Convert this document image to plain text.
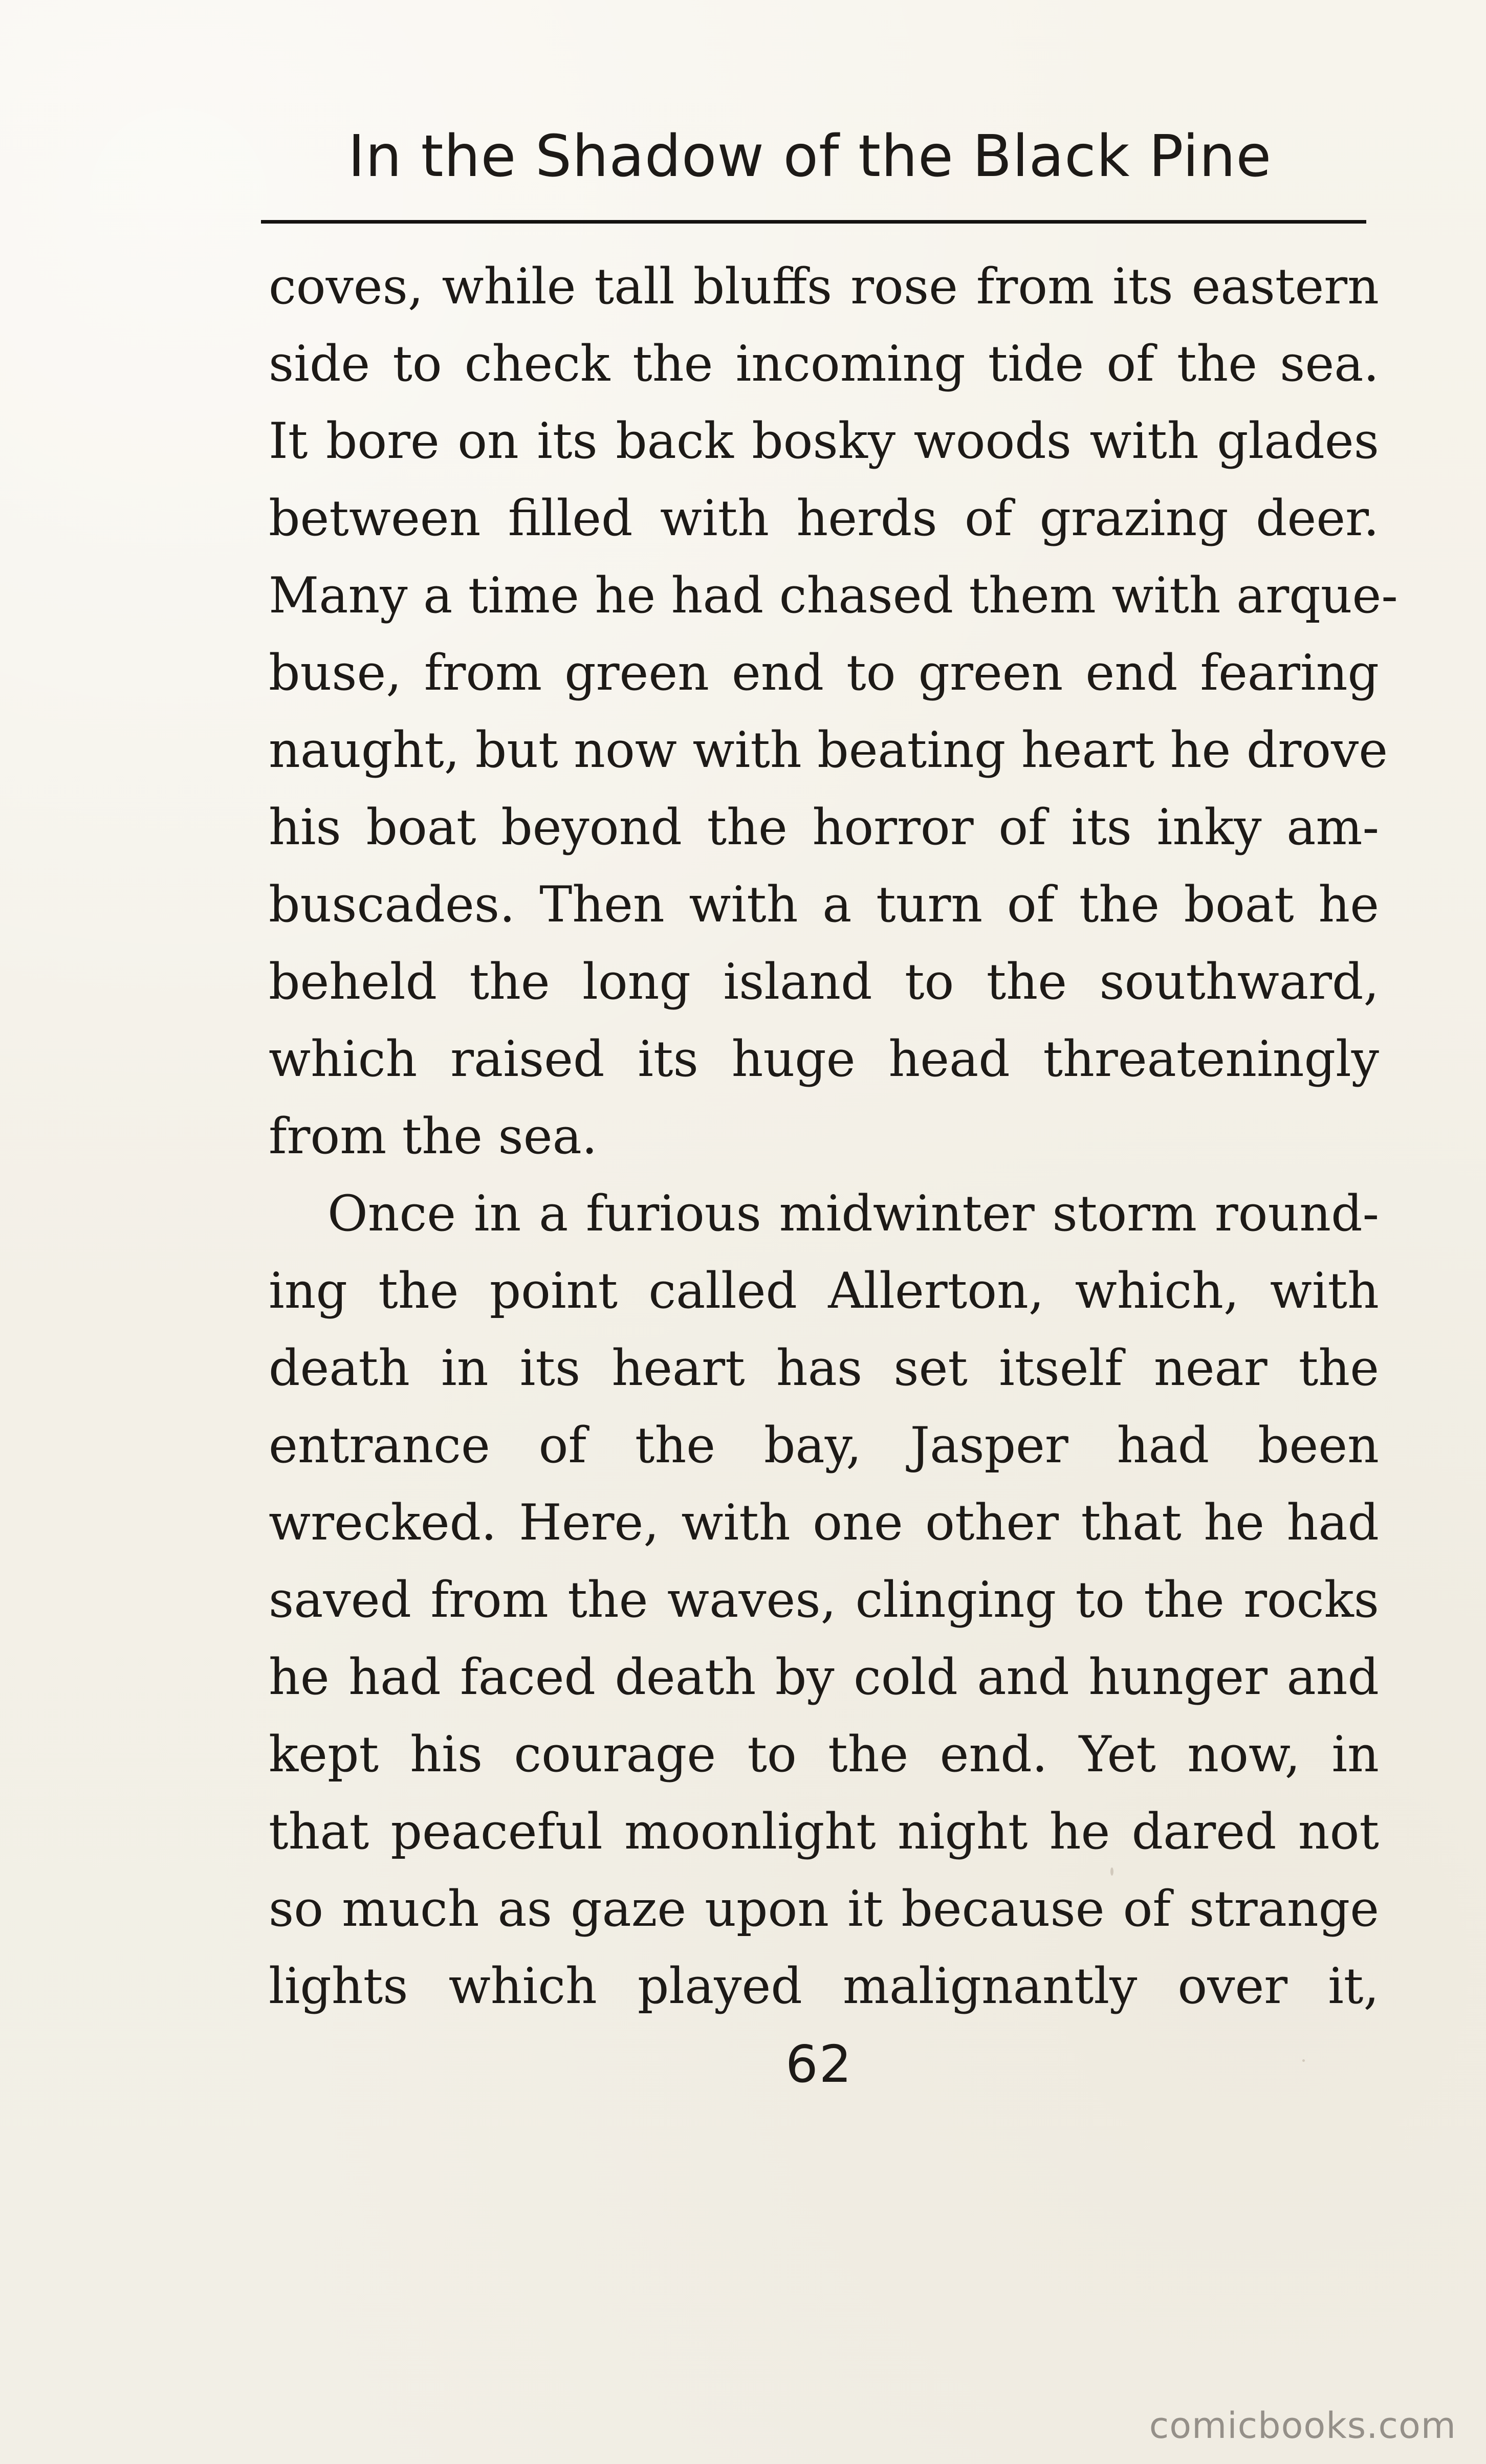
In the Shadow of the Black Pine
coves, while tall bluffs rose from its eastern
side to check the incoming tide of the sea.
It bore on its back bosky woods with glades
between filled with herds of grazing deer.
Many a time he had chased them with arque-
buse, from green end to green end fearing
naught, but now with beating heart he drove
his boat beyond the horror of its inky am-
buscades. Then with a turn of the boat he
beheld the long island to the southward,
which raised its huge head threateningly
from the sea.
Once in a furious midwinter storm round-
ing the point called Allerton, which, with
death in its heart has set itself near the
entrance of the bay, Jasper had been
wrecked. Here, with one other that he had
saved from the waves, clinging to the rocks
he had faced death by cold and hunger and
kept his courage to the end. Yet now, in
that peaceful moonlight night he dared not
so much as gaze upon it because of strange
lights which played malignantly over it,
62
comicbooks.com
